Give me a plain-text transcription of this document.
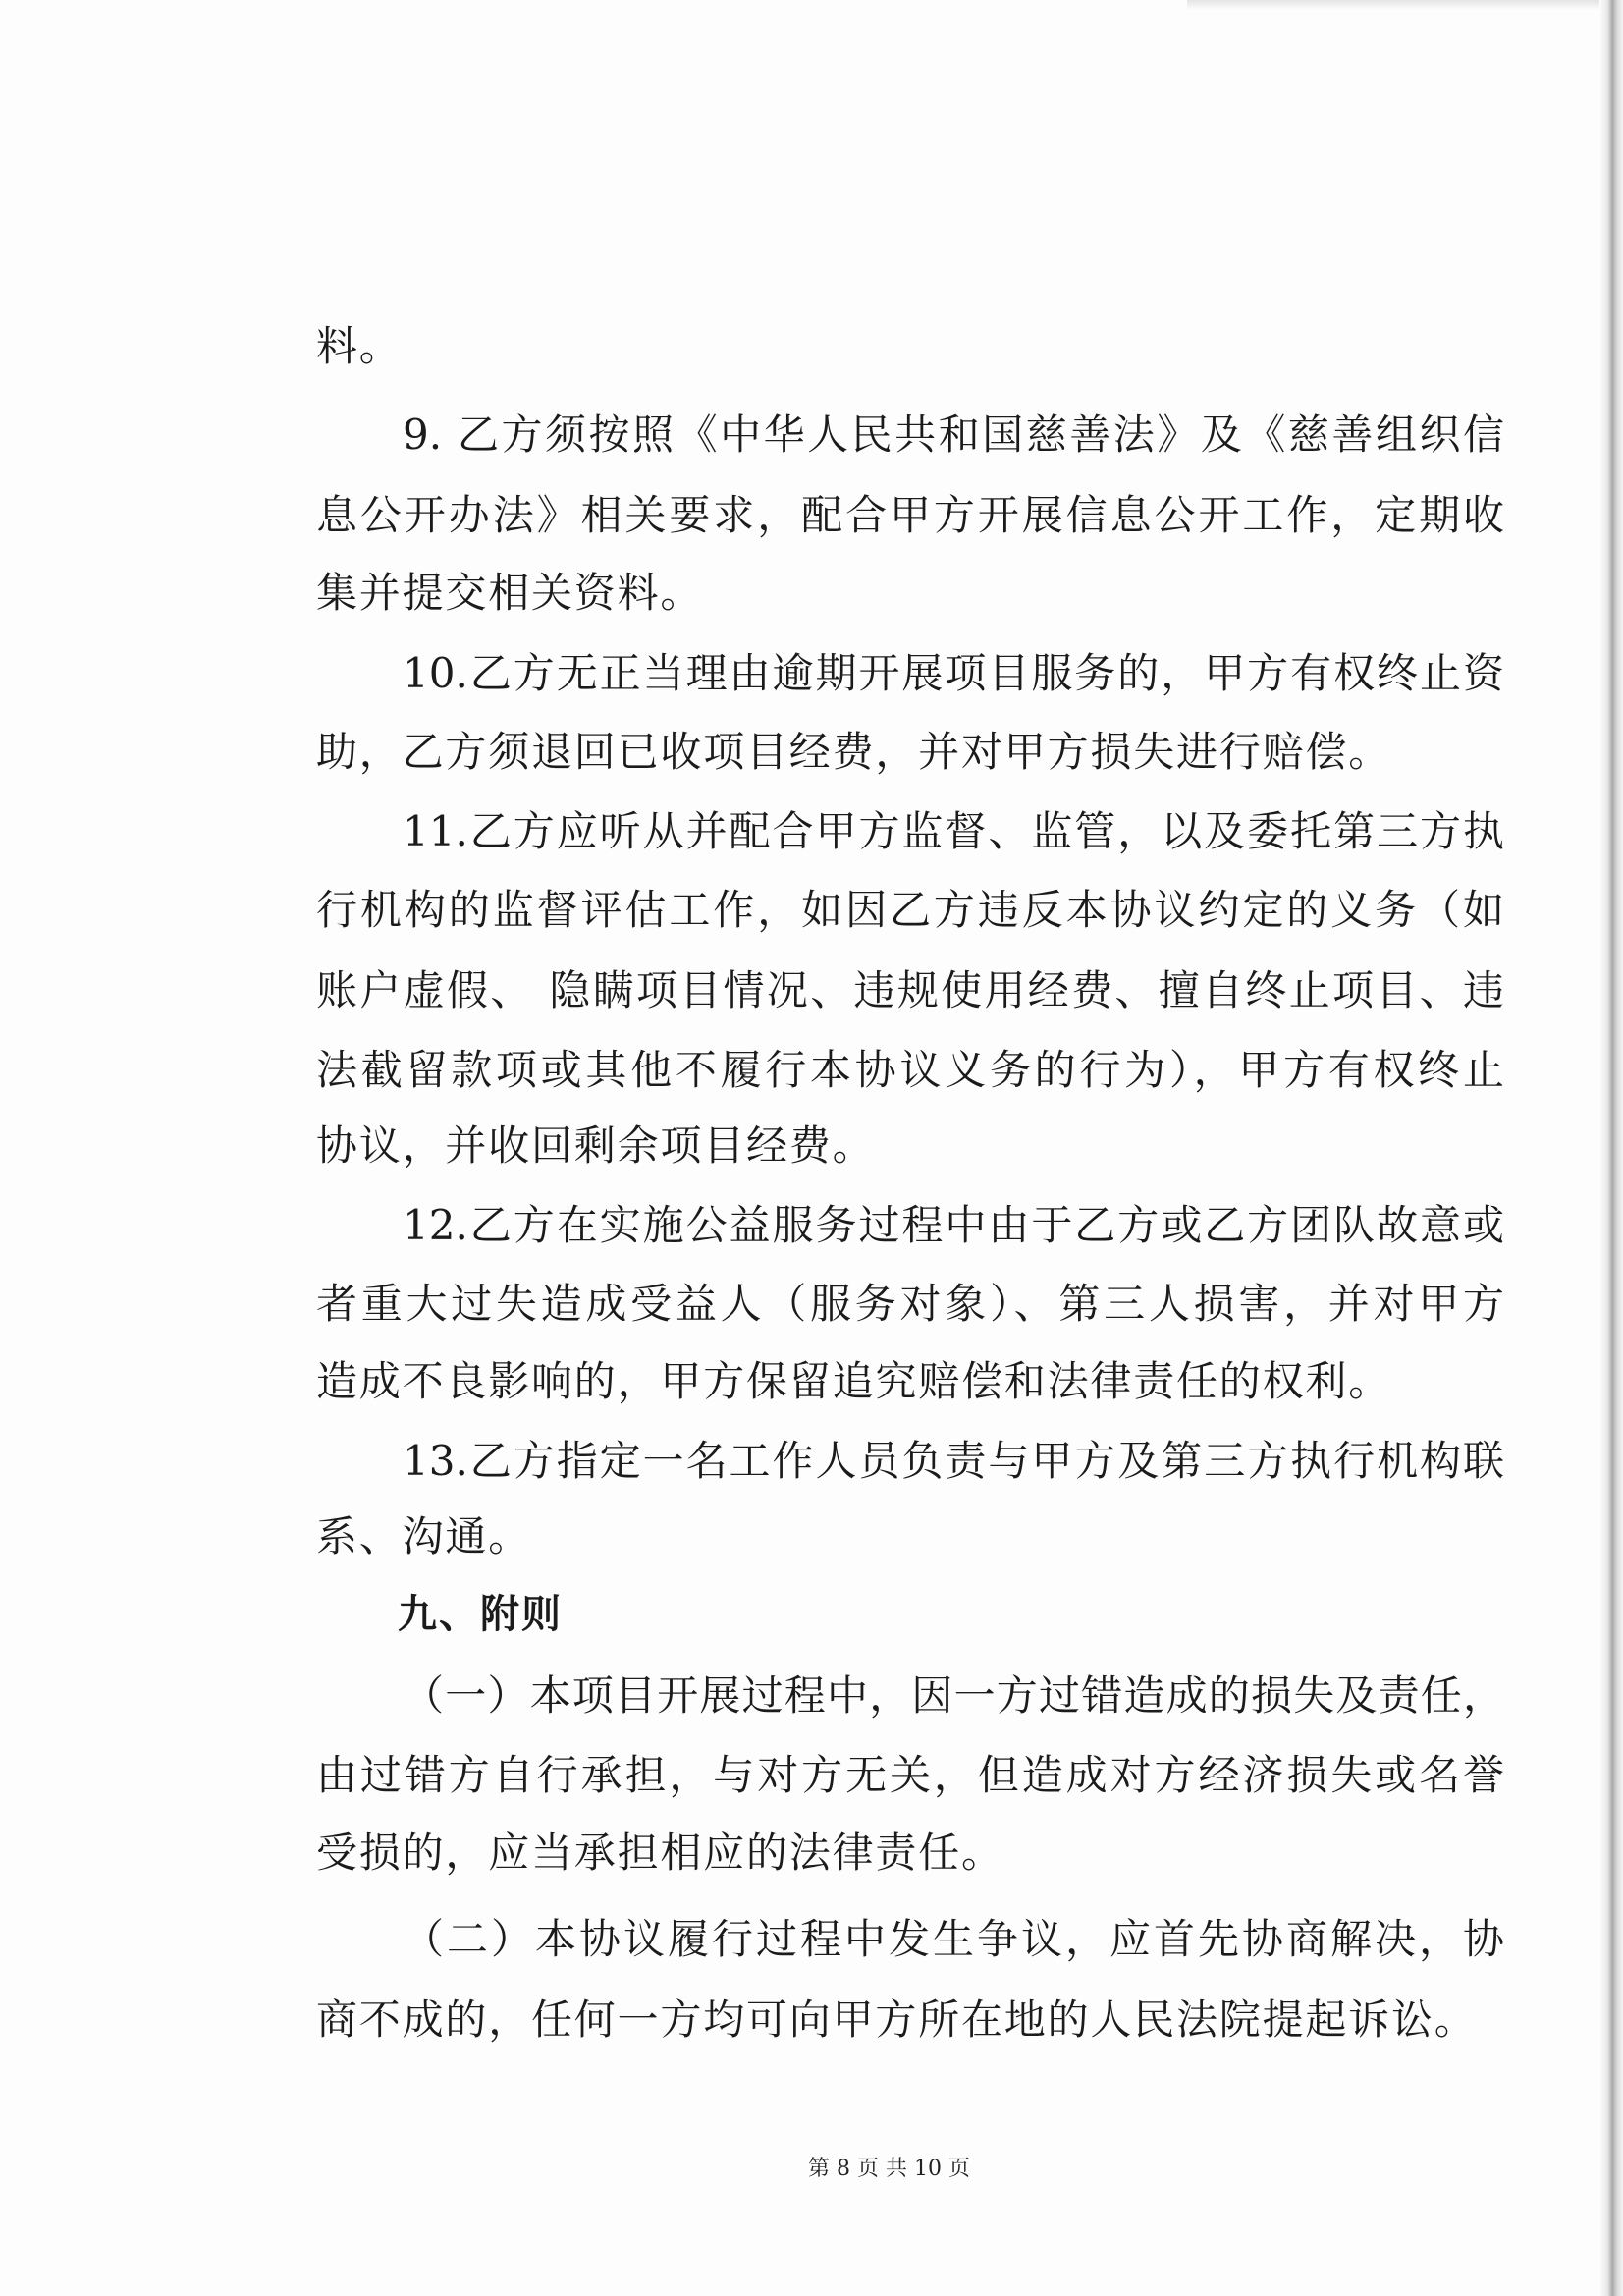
料。
9. 乙方须按照《中华人民共和国慈善法》及《慈善组织信
息公开办法》相关要求，配合甲方开展信息公开工作，定期收
集并提交相关资料。
10.乙方无正当理由逾期开展项目服务的，甲方有权终止资
助，乙方须退回已收项目经费，并对甲方损失进行赔偿。
11.乙方应听从并配合甲方监督、监管，以及委托第三方执
行机构的监督评估工作，如因乙方违反本协议约定的义务（如
账户虚假、 隐瞒项目情况、违规使用经费、擅自终止项目、违
法截留款项或其他不履行本协议义务的行为），甲方有权终止
协议，并收回剩余项目经费。
12.乙方在实施公益服务过程中由于乙方或乙方团队故意或
者重大过失造成受益人（服务对象）、第三人损害，并对甲方
造成不良影响的，甲方保留追究赔偿和法律责任的权利。
13.乙方指定一名工作人员负责与甲方及第三方执行机构联
系、沟通。
九、附则
（一）本项目开展过程中，因一方过错造成的损失及责任，
由过错方自行承担，与对方无关，但造成对方经济损失或名誉
受损的，应当承担相应的法律责任。
（二）本协议履行过程中发生争议，应首先协商解决，协
商不成的，任何一方均可向甲方所在地的人民法院提起诉讼。
第 8 页 共 10 页
